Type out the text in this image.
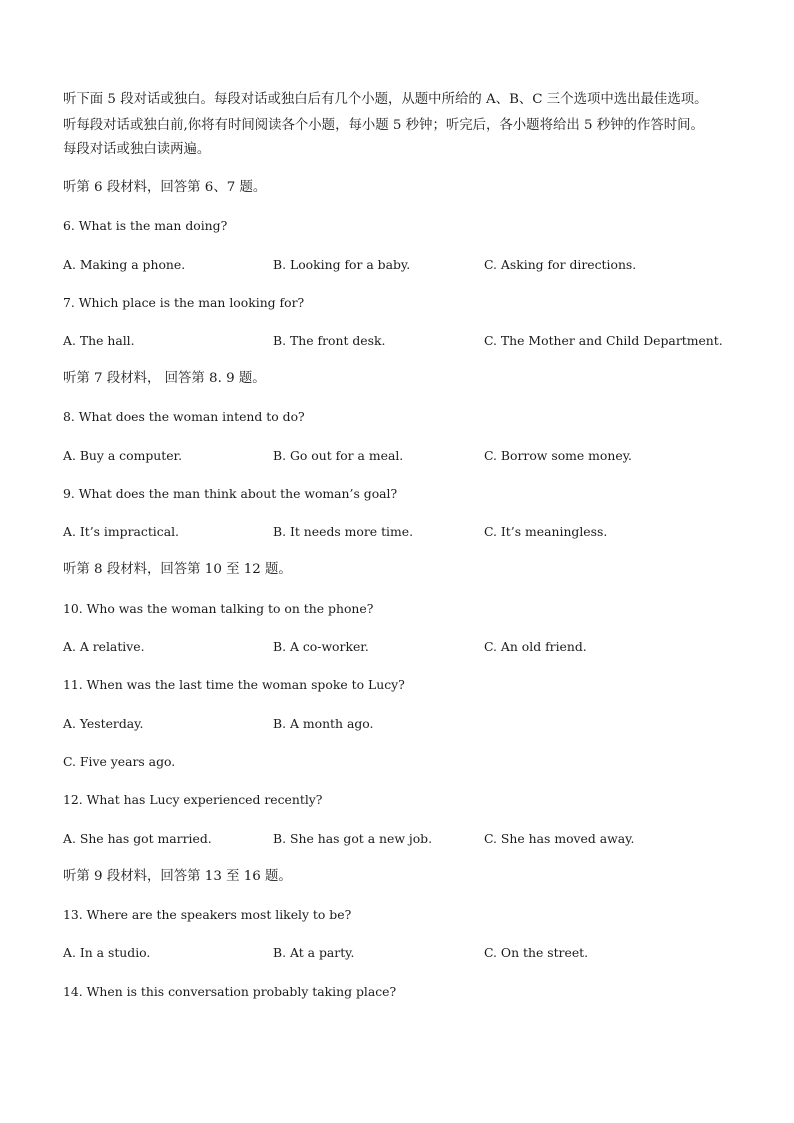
听下面 5 段对话或独白。每段对话或独白后有几个小题，从题中所给的 A、B、C 三个选项中选出最佳选项。
听每段对话或独白前,你将有时间阅读各个小题，每小题 5 秒钟；听完后，各小题将给出 5 秒钟的作答时间。
每段对话或独白读两遍。
听第 6 段材料，回答第 6、7 题。
6. What is the man doing?
A. Making a phone.	B. Looking for a baby.	C. Asking for directions.
7. Which place is the man looking for?
A. The hall.	B. The front desk.	C. The Mother and Child Department.
听第 7 段材料， 回答第 8. 9 题。
8. What does the woman intend to do?
A. Buy a computer.	B. Go out for a meal.	C. Borrow some money.
9. What does the man think about the woman’s goal?
A. It’s impractical.	B. It needs more time.	C. It’s meaningless.
听第 8 段材料，回答第 10 至 12 题。
10. Who was the woman talking to on the phone?
A. A relative.	B. A co-worker.	C. An old friend.
11. When was the last time the woman spoke to Lucy?
A. Yesterday.	B. A month ago.
C. Five years ago.
12. What has Lucy experienced recently?
A. She has got married.	B. She has got a new job.	C. She has moved away.
听第 9 段材料，回答第 13 至 16 题。
13. Where are the speakers most likely to be?
A. In a studio.	B. At a party.	C. On the street.
14. When is this conversation probably taking place?
